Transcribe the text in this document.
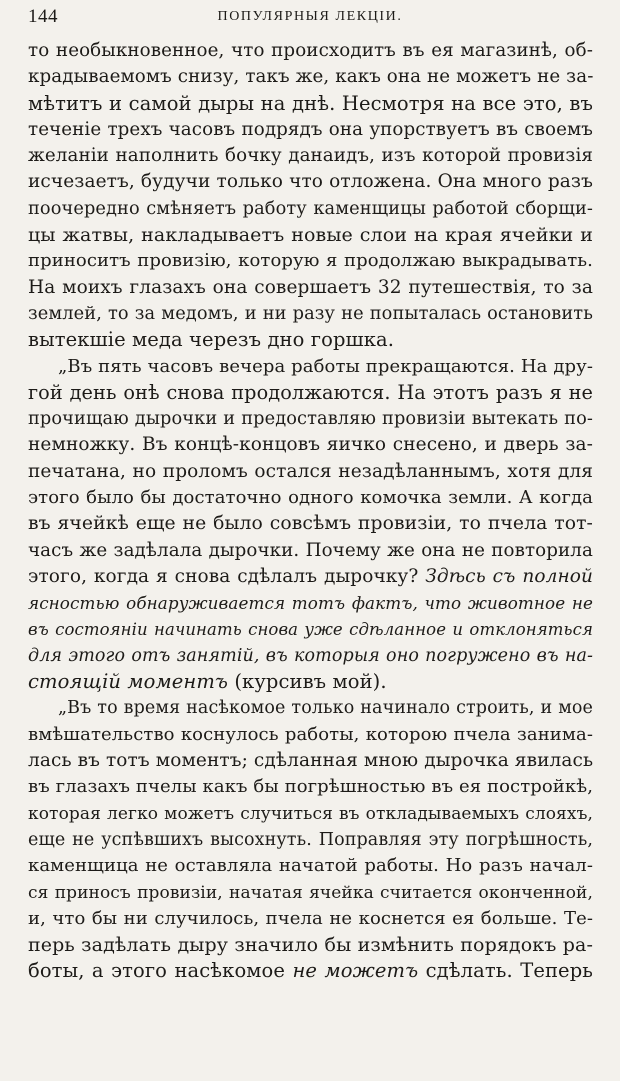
144	ПОПУЛЯРНЫЯ ЛЕКЦІИ.
то необыкновенное, что происходитъ въ ея магазинѣ, об-
крадываемомъ снизу, такъ же, какъ она не можетъ не за-
мѣтитъ и самой дыры на днѣ. Несмотря на все это, въ
теченіе трехъ часовъ подрядъ она упорствуетъ въ своемъ
желаніи наполнить бочку данаидъ, изъ которой провизія
исчезаетъ, будучи только что отложена. Она много разъ
поочередно смѣняетъ работу каменщицы работой сборщи-
цы жатвы, накладываетъ новые слои на края ячейки и
приноситъ провизію, которую я продолжаю выкрадывать.
На моихъ глазахъ она совершаетъ 32 путешествія, то за
землей, то за медомъ, и ни разу не попыталась остановить
вытекшіе меда черезъ дно горшка.
„Въ пять часовъ вечера работы прекращаются. На дру-
гой день онѣ снова продолжаются. На этотъ разъ я не
прочищаю дырочки и предоставляю провизіи вытекать по-
немножку. Въ концѣ-концовъ яичко снесено, и дверь за-
печатана, но проломъ остался незадѣланнымъ, хотя для
этого было бы достаточно одного комочка земли. А когда
въ ячейкѣ еще не было совсѣмъ провизіи, то пчела тот-
часъ же задѣлала дырочки. Почему же она не повторила
этого, когда я снова сдѣлалъ дырочку? Здѣсь съ полной
ясностью обнаруживается тотъ фактъ, что животное не
въ состояніи начинать снова уже сдѣланное и отклоняться
для этого отъ занятій, въ которыя оно погружено въ на-
стоящій моментъ (курсивъ мой).
„Въ то время насѣкомое только начинало строить, и мое
вмѣшательство коснулось работы, которою пчела занима-
лась въ тотъ моментъ; сдѣланная мною дырочка явилась
въ глазахъ пчелы какъ бы погрѣшностью въ ея постройкѣ,
которая легко можетъ случиться въ откладываемыхъ слояхъ,
еще не успѣвшихъ высохнуть. Поправляя эту погрѣшность,
каменщица не оставляла начатой работы. Но разъ начал-
ся приносъ провизіи, начатая ячейка считается оконченной,
и, что бы ни случилось, пчела не коснется ея больше. Те-
перь задѣлать дыру значило бы измѣнить порядокъ ра-
боты, а этого насѣкомое не можетъ сдѣлать. Теперь
